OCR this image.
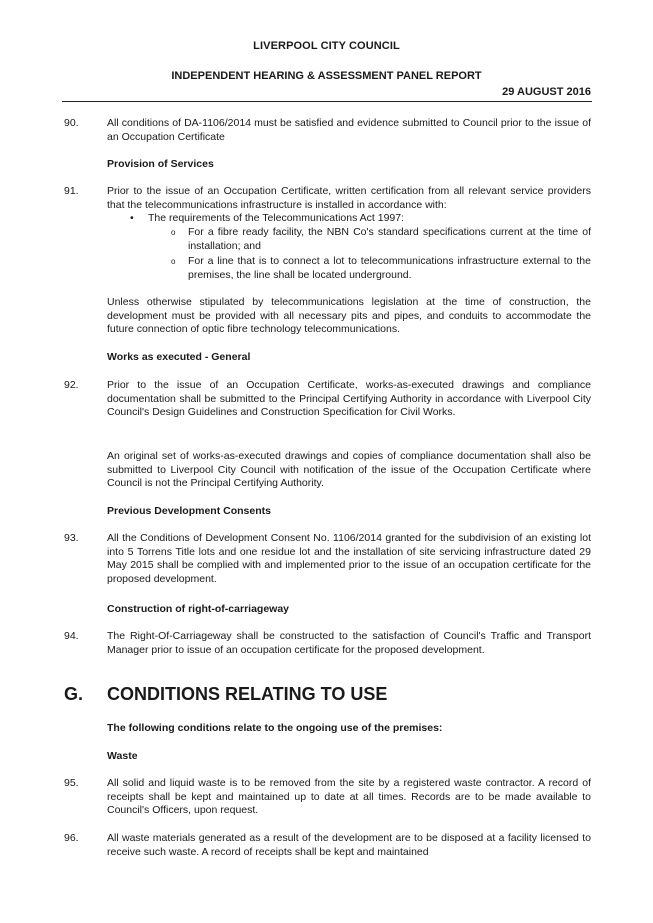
LIVERPOOL CITY COUNCIL
INDEPENDENT HEARING & ASSESSMENT PANEL REPORT
29 AUGUST 2016
90.	All conditions of DA-1106/2014 must be satisfied and evidence submitted to Council prior to the issue of an Occupation Certificate
Provision of Services
91.	Prior to the issue of an Occupation Certificate, written certification from all relevant service providers that the telecommunications infrastructure is installed in accordance with:
• The requirements of the Telecommunications Act 1997:
o For a fibre ready facility, the NBN Co's standard specifications current at the time of installation; and
o For a line that is to connect a lot to telecommunications infrastructure external to the premises, the line shall be located underground.
Unless otherwise stipulated by telecommunications legislation at the time of construction, the development must be provided with all necessary pits and pipes, and conduits to accommodate the future connection of optic fibre technology telecommunications.
Works as executed - General
92.	Prior to the issue of an Occupation Certificate, works-as-executed drawings and compliance documentation shall be submitted to the Principal Certifying Authority in accordance with Liverpool City Council's Design Guidelines and Construction Specification for Civil Works.
An original set of works-as-executed drawings and copies of compliance documentation shall also be submitted to Liverpool City Council with notification of the issue of the Occupation Certificate where Council is not the Principal Certifying Authority.
Previous Development Consents
93.	All the Conditions of Development Consent No. 1106/2014 granted for the subdivision of an existing lot into 5 Torrens Title lots and one residue lot and the installation of site servicing infrastructure dated 29 May 2015 shall be complied with and implemented prior to the issue of an occupation certificate for the proposed development.
Construction of right-of-carriageway
94.	The Right-Of-Carriageway shall be constructed to the satisfaction of Council's Traffic and Transport Manager prior to issue of an occupation certificate for the proposed development.
G. CONDITIONS RELATING TO USE
The following conditions relate to the ongoing use of the premises:
Waste
95.	All solid and liquid waste is to be removed from the site by a registered waste contractor. A record of receipts shall be kept and maintained up to date at all times. Records are to be made available to Council's Officers, upon request.
96.	All waste materials generated as a result of the development are to be disposed at a facility licensed to receive such waste. A record of receipts shall be kept and maintained
